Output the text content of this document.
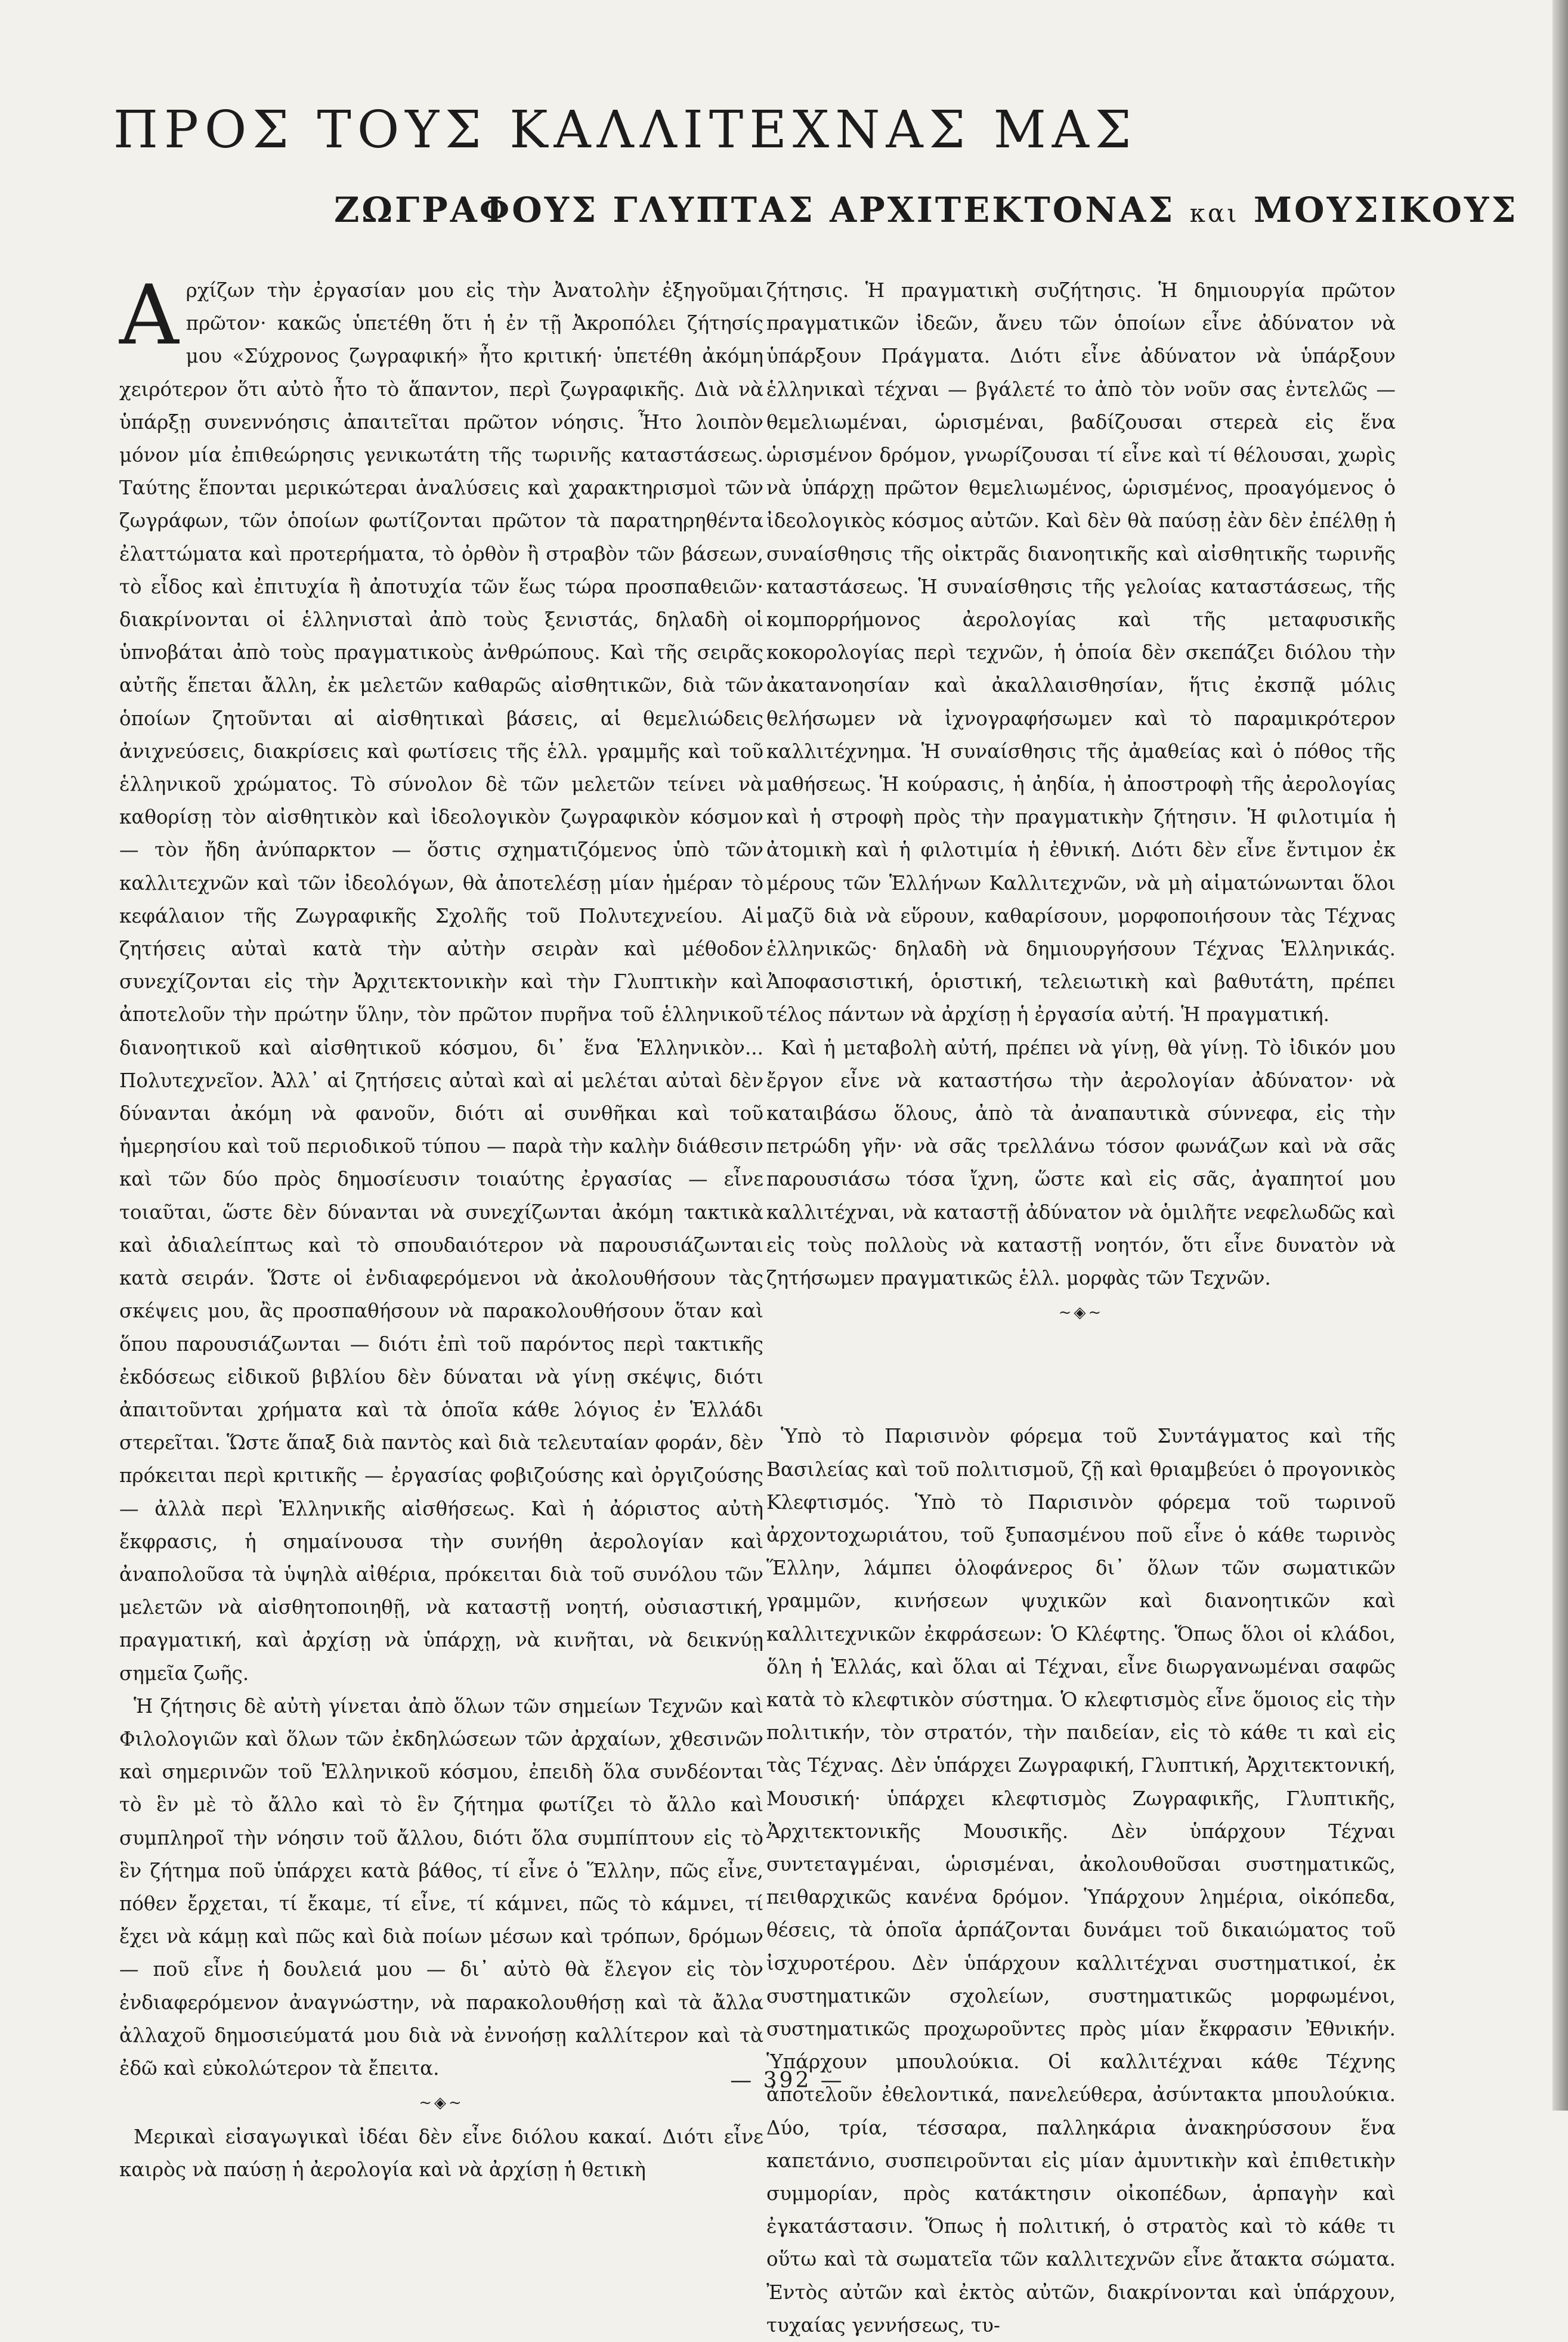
ΠΡΟΣ ΤΟΥΣ ΚΑΛΛΙΤΕΧΝΑΣ ΜΑΣ
ΖΩΓΡΑΦΟΥΣ ΓΛΥΠΤΑΣ ΑΡΧΙΤΕΚΤΟΝΑΣ και ΜΟΥΣΙΚΟΥΣ

Αρχίζων τὴν ἐργασίαν μου εἰς τὴν Ἀνατολὴν ἐξηγοῦμαι πρῶτον· κακῶς ὑπετέθη ὅτι ἡ ἐν τῇ Ἀκροπόλει ζήτησίς μου «Σύχρονος ζωγραφική» ἦτο κριτική· ὑπετέθη ἀκόμη χειρότερον ὅτι αὐτὸ ἦτο τὸ ἅπαντον, περὶ ζωγραφικῆς. Διὰ νὰ ὑπάρξῃ συνεννόησις ἀπαιτεῖται πρῶτον νόησις. Ἦτο λοιπὸν μόνον μία ἐπιθεώρησις γενικωτάτη τῆς τωρινῆς καταστάσεως. Ταύτης ἕπονται μερικώτεραι ἀναλύσεις καὶ χαρακτηρισμοὶ τῶν ζωγράφων, τῶν ὁποίων φωτίζονται πρῶτον τὰ παρατηρηθέντα ἐλαττώματα καὶ προτερήματα, τὸ ὀρθὸν ἢ στραβὸν τῶν βάσεων, τὸ εἶδος καὶ ἐπιτυχία ἢ ἀποτυχία τῶν ἕως τώρα προσπαθειῶν· διακρίνονται οἱ ἑλληνισταὶ ἀπὸ τοὺς ξενιστάς, δηλαδὴ οἱ ὑπνοβάται ἀπὸ τοὺς πραγματικοὺς ἀνθρώπους. Καὶ τῆς σειρᾶς αὐτῆς ἕπεται ἄλλη, ἐκ μελετῶν καθαρῶς αἰσθητικῶν, διὰ τῶν ὁποίων ζητοῦνται αἱ αἰσθητικαὶ βάσεις, αἱ θεμελιώδεις ἀνιχνεύσεις, διακρίσεις καὶ φωτίσεις τῆς ἑλλ. γραμμῆς καὶ τοῦ ἑλληνικοῦ χρώματος. Τὸ σύνολον δὲ τῶν μελετῶν τείνει νὰ καθορίσῃ τὸν αἰσθητικὸν καὶ ἰδεολογικὸν ζωγραφικὸν κόσμον — τὸν ἤδη ἀνύπαρκτον — ὅστις σχηματιζόμενος ὑπὸ τῶν καλλιτεχνῶν καὶ τῶν ἰδεολόγων, θὰ ἀποτελέσῃ μίαν ἡμέραν τὸ κεφάλαιον τῆς Ζωγραφικῆς Σχολῆς τοῦ Πολυτεχνείου. Αἱ ζητήσεις αὐταὶ κατὰ τὴν αὐτὴν σειρὰν καὶ μέθοδον συνεχίζονται εἰς τὴν Ἀρχιτεκτονικὴν καὶ τὴν Γλυπτικὴν καὶ ἀποτελοῦν τὴν πρώτην ὕλην, τὸν πρῶτον πυρῆνα τοῦ ἑλληνικοῦ διανοητικοῦ καὶ αἰσθητικοῦ κόσμου, δι᾽ ἕνα Ἑλληνικὸν... Πολυτεχνεῖον. Ἀλλ᾽ αἱ ζητήσεις αὐταὶ καὶ αἱ μελέται αὐταὶ δὲν δύνανται ἀκόμη νὰ φανοῦν, διότι αἱ συνθῆκαι καὶ τοῦ ἡμερησίου καὶ τοῦ περιοδικοῦ τύπου — παρὰ τὴν καλὴν διάθεσιν καὶ τῶν δύο πρὸς δημοσίευσιν τοιαύτης ἐργασίας — εἶνε τοιαῦται, ὥστε δὲν δύνανται νὰ συνεχίζωνται ἀκόμη τακτικὰ καὶ ἀδιαλείπτως καὶ τὸ σπουδαιότερον νὰ παρουσιάζωνται κατὰ σειράν. Ὥστε οἱ ἐνδιαφερόμενοι νὰ ἀκολουθήσουν τὰς σκέψεις μου, ἂς προσπαθήσουν νὰ παρακολουθήσουν ὅταν καὶ ὅπου παρουσιάζωνται — διότι ἐπὶ τοῦ παρόντος περὶ τακτικῆς ἐκδόσεως εἰδικοῦ βιβλίου δὲν δύναται νὰ γίνῃ σκέψις, διότι ἀπαιτοῦνται χρήματα καὶ τὰ ὁποῖα κάθε λόγιος ἐν Ἑλλάδι στερεῖται. Ὥστε ἅπαξ διὰ παντὸς καὶ διὰ τελευταίαν φοράν, δὲν πρόκειται περὶ κριτικῆς — ἐργασίας φοβιζούσης καὶ ὀργιζούσης — ἀλλὰ περὶ Ἑλληνικῆς αἰσθήσεως. Καὶ ἡ ἀόριστος αὐτὴ ἔκφρασις, ἡ σημαίνουσα τὴν συνήθη ἀερολογίαν καὶ ἀναπολοῦσα τὰ ὑψηλὰ αἰθέρια, πρόκειται διὰ τοῦ συνόλου τῶν μελετῶν νὰ αἰσθητοποιηθῇ, νὰ καταστῇ νοητή, οὐσιαστική, πραγματική, καὶ ἀρχίσῃ νὰ ὑπάρχῃ, νὰ κινῆται, νὰ δεικνύῃ σημεῖα ζωῆς.

Ἡ ζήτησις δὲ αὐτὴ γίνεται ἀπὸ ὅλων τῶν σημείων Τεχνῶν καὶ Φιλολογιῶν καὶ ὅλων τῶν ἐκδηλώσεων τῶν ἀρχαίων, χθεσινῶν καὶ σημερινῶν τοῦ Ἑλληνικοῦ κόσμου, ἐπειδὴ ὅλα συνδέονται τὸ ἓν μὲ τὸ ἄλλο καὶ τὸ ἓν ζήτημα φωτίζει τὸ ἄλλο καὶ συμπληροῖ τὴν νόησιν τοῦ ἄλλου, διότι ὅλα συμπίπτουν εἰς τὸ ἓν ζήτημα ποῦ ὑπάρχει κατὰ βάθος, τί εἶνε ὁ Ἕλλην, πῶς εἶνε, πόθεν ἔρχεται, τί ἔκαμε, τί εἶνε, τί κάμνει, πῶς τὸ κάμνει, τί ἔχει νὰ κάμῃ καὶ πῶς καὶ διὰ ποίων μέσων καὶ τρόπων, δρόμων — ποῦ εἶνε ἡ δουλειά μου — δι᾽ αὐτὸ θὰ ἔλεγον εἰς τὸν ἐνδιαφερόμενον ἀναγνώστην, νὰ παρακολουθήσῃ καὶ τὰ ἄλλα ἀλλαχοῦ δημοσιεύματά μου διὰ νὰ ἐννοήσῃ καλλίτερον καὶ τὰ ἐδῶ καὶ εὐκολώτερον τὰ ἔπειτα.

~◈~

Μερικαὶ εἰσαγωγικαὶ ἰδέαι δὲν εἶνε διόλου κακαί. Διότι εἶνε καιρὸς νὰ παύσῃ ἡ ἀερολογία καὶ νὰ ἀρχίσῃ ἡ θετικὴ

ζήτησις. Ἡ πραγματικὴ συζήτησις. Ἡ δημιουργία πρῶτον πραγματικῶν ἰδεῶν, ἄνευ τῶν ὁποίων εἶνε ἀδύνατον νὰ ὑπάρξουν Πράγματα. Διότι εἶνε ἀδύνατον νὰ ὑπάρξουν ἑλληνικαὶ τέχναι — βγάλετέ το ἀπὸ τὸν νοῦν σας ἐντελῶς — θεμελιωμέναι, ὡρισμέναι, βαδίζουσαι στερεὰ εἰς ἕνα ὡρισμένον δρόμον, γνωρίζουσαι τί εἶνε καὶ τί θέλουσαι, χωρὶς νὰ ὑπάρχῃ πρῶτον θεμελιωμένος, ὡρισμένος, προαγόμενος ὁ ἰδεολογικὸς κόσμος αὐτῶν. Καὶ δὲν θὰ παύσῃ ἐὰν δὲν ἐπέλθῃ ἡ συναίσθησις τῆς οἰκτρᾶς διανοητικῆς καὶ αἰσθητικῆς τωρινῆς καταστάσεως. Ἡ συναίσθησις τῆς γελοίας καταστάσεως, τῆς κομπορρήμονος ἀερολογίας καὶ τῆς μεταφυσικῆς κοκορολογίας περὶ τεχνῶν, ἡ ὁποία δὲν σκεπάζει διόλου τὴν ἀκατανοησίαν καὶ ἀκαλλαισθησίαν, ἥτις ἐκσπᾷ μόλις θελήσωμεν νὰ ἰχνογραφήσωμεν καὶ τὸ παραμικρότερον καλλιτέχνημα. Ἡ συναίσθησις τῆς ἀμαθείας καὶ ὁ πόθος τῆς μαθήσεως. Ἡ κούρασις, ἡ ἀηδία, ἡ ἀποστροφὴ τῆς ἀερολογίας καὶ ἡ στροφὴ πρὸς τὴν πραγματικὴν ζήτησιν. Ἡ φιλοτιμία ἡ ἀτομικὴ καὶ ἡ φιλοτιμία ἡ ἐθνική. Διότι δὲν εἶνε ἔντιμον ἐκ μέρους τῶν Ἑλλήνων Καλλιτεχνῶν, νὰ μὴ αἱματώνωνται ὅλοι μαζῦ διὰ νὰ εὕρουν, καθαρίσουν, μορφοποιήσουν τὰς Τέχνας ἑλληνικῶς· δηλαδὴ νὰ δημιουργήσουν Τέχνας Ἑλληνικάς. Ἀποφασιστική, ὁριστική, τελειωτικὴ καὶ βαθυτάτη, πρέπει τέλος πάντων νὰ ἀρχίσῃ ἡ ἐργασία αὐτή. Ἡ πραγματική.

Καὶ ἡ μεταβολὴ αὐτή, πρέπει νὰ γίνῃ, θὰ γίνῃ. Τὸ ἰδικόν μου ἔργον εἶνε νὰ καταστήσω τὴν ἀερολογίαν ἀδύνατον· νὰ καταιβάσω ὅλους, ἀπὸ τὰ ἀναπαυτικὰ σύννεφα, εἰς τὴν πετρώδη γῆν· νὰ σᾶς τρελλάνω τόσον φωνάζων καὶ νὰ σᾶς παρουσιάσω τόσα ἴχνη, ὥστε καὶ εἰς σᾶς, ἀγαπητοί μου καλλιτέχναι, νὰ καταστῇ ἀδύνατον νὰ ὁμιλῆτε νεφελωδῶς καὶ εἰς τοὺς πολλοὺς νὰ καταστῇ νοητόν, ὅτι εἶνε δυνατὸν νὰ ζητήσωμεν πραγματικῶς ἑλλ. μορφὰς τῶν Τεχνῶν.

~◈~

Ὑπὸ τὸ Παρισινὸν φόρεμα τοῦ Συντάγματος καὶ τῆς Βασιλείας καὶ τοῦ πολιτισμοῦ, ζῇ καὶ θριαμβεύει ὁ προγονικὸς Κλεφτισμός. Ὑπὸ τὸ Παρισινὸν φόρεμα τοῦ τωρινοῦ ἀρχοντοχωριάτου, τοῦ ξυπασμένου ποῦ εἶνε ὁ κάθε τωρινὸς Ἕλλην, λάμπει ὁλοφάνερος δι᾽ ὅλων τῶν σωματικῶν γραμμῶν, κινήσεων ψυχικῶν καὶ διανοητικῶν καὶ καλλιτεχνικῶν ἐκφράσεων: Ὁ Κλέφτης. Ὅπως ὅλοι οἱ κλάδοι, ὅλη ἡ Ἑλλάς, καὶ ὅλαι αἱ Τέχναι, εἶνε διωργανωμέναι σαφῶς κατὰ τὸ κλεφτικὸν σύστημα. Ὁ κλεφτισμὸς εἶνε ὅμοιος εἰς τὴν πολιτικήν, τὸν στρατόν, τὴν παιδείαν, εἰς τὸ κάθε τι καὶ εἰς τὰς Τέχνας. Δὲν ὑπάρχει Ζωγραφική, Γλυπτική, Ἀρχιτεκτονική, Μουσική· ὑπάρχει κλεφτισμὸς Ζωγραφικῆς, Γλυπτικῆς, Ἀρχιτεκτονικῆς Μουσικῆς. Δὲν ὑπάρχουν Τέχναι συντεταγμέναι, ὡρισμέναι, ἀκολουθοῦσαι συστηματικῶς, πειθαρχικῶς κανένα δρόμον. Ὑπάρχουν λημέρια, οἰκόπεδα, θέσεις, τὰ ὁποῖα ἁρπάζονται δυνάμει τοῦ δικαιώματος τοῦ ἰσχυροτέρου. Δὲν ὑπάρχουν καλλιτέχναι συστηματικοί, ἐκ συστηματικῶν σχολείων, συστηματικῶς μορφωμένοι, συστηματικῶς προχωροῦντες πρὸς μίαν ἔκφρασιν Ἐθνικήν. Ὑπάρχουν μπουλούκια. Οἱ καλλιτέχναι κάθε Τέχνης ἀποτελοῦν ἐθελοντικά, πανελεύθερα, ἀσύντακτα μπουλούκια. Δύο, τρία, τέσσαρα, παλληκάρια ἀνακηρύσσουν ἕνα καπετάνιο, συσπειροῦνται εἰς μίαν ἀμυντικὴν καὶ ἐπιθετικὴν συμμορίαν, πρὸς κατάκτησιν οἰκοπέδων, ἁρπαγὴν καὶ ἐγκατάστασιν. Ὅπως ἡ πολιτική, ὁ στρατὸς καὶ τὸ κάθε τι οὕτω καὶ τὰ σωματεῖα τῶν καλλιτεχνῶν εἶνε ἄτακτα σώματα. Ἐντὸς αὐτῶν καὶ ἐκτὸς αὐτῶν, διακρίνονται καὶ ὑπάρχουν, τυχαίας γεννήσεως, τυ-

— 392 —
